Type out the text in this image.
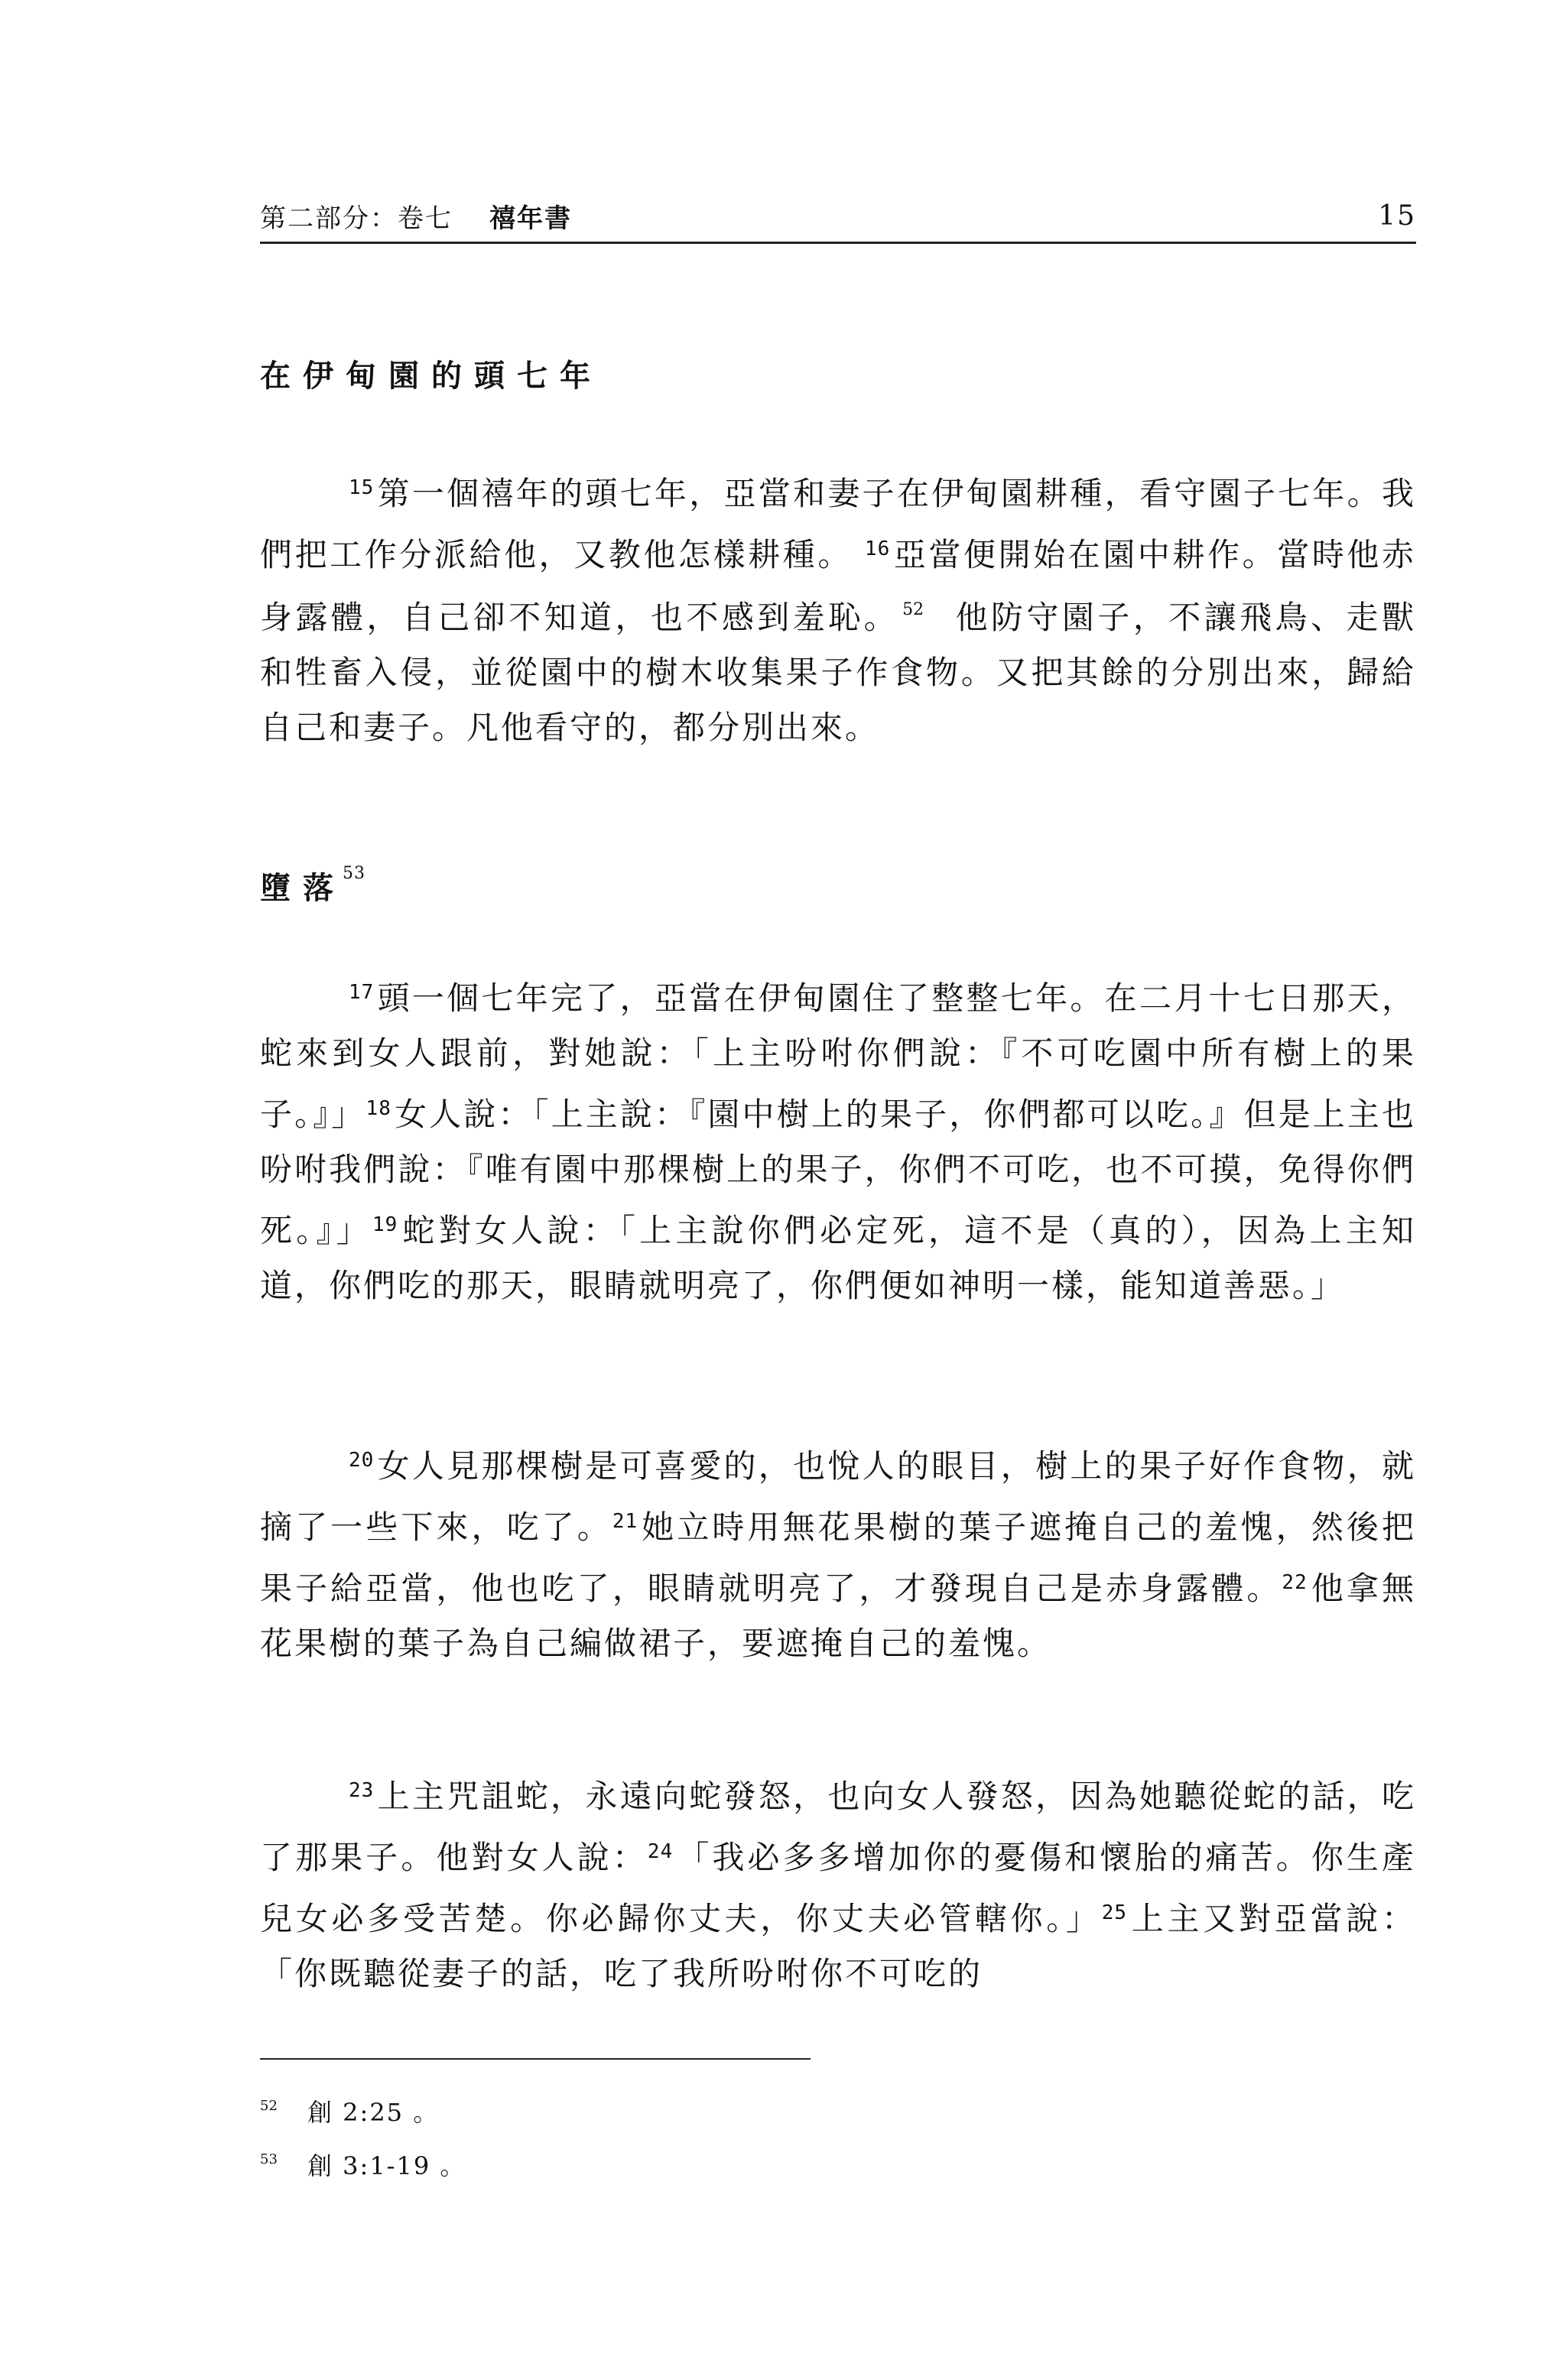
第二部分：卷七 禧年書	15
在伊甸園的頭七年

$^{15}$第一個禧年的頭七年，亞當和妻子在伊甸園耕種，看守園子七年。我們把工作分派給他，又教他怎樣耕種。 $^{16}$亞當便開始在園中耕作。當時他赤身露體，自己卻不知道，也不感到羞恥。 $^{52}$ 他防守園子，不讓飛鳥、走獸和牲畜入侵，並從園中的樹木收集果子作食物。又把其餘的分別出來，歸給自己和妻子。凡他看守的，都分別出來。

墮落$^{53}$

$^{17}$頭一個七年完了，亞當在伊甸園住了整整七年。在二月十七日那天，蛇來到女人跟前，對她說：「上主吩咐你們說：『不可吃園中所有樹上的果子。』」$^{18}$女人說：「上主說：『園中樹上的果子，你們都可以吃。』但是上主也吩咐我們說：『唯有園中那棵樹上的果子，你們不可吃，也不可摸，免得你們死。』」$^{19}$蛇對女人說：「上主說你們必定死，這不是（真的），因為上主知道，你們吃的那天，眼睛就明亮了，你們便如神明一樣，能知道善惡。」

$^{20}$女人見那棵樹是可喜愛的，也悅人的眼目，樹上的果子好作食物，就摘了一些下來，吃了。$^{21}$她立時用無花果樹的葉子遮掩自己的羞愧，然後把果子給亞當，他也吃了，眼睛就明亮了，才發現自己是赤身露體。$^{22}$他拿無花果樹的葉子為自己編做裙子，要遮掩自己的羞愧。

$^{23}$上主咒詛蛇，永遠向蛇發怒，也向女人發怒，因為她聽從蛇的話，吃了那果子。他對女人說：$^{24}$「我必多多增加你的憂傷和懷胎的痛苦。你生產兒女必多受苦楚。你必歸你丈夫，你丈夫必管轄你。」$^{25}$上主又對亞當說：「你既聽從妻子的話，吃了我所吩咐你不可吃的

52 創 2:25 。
53 創 3:1-19 。
